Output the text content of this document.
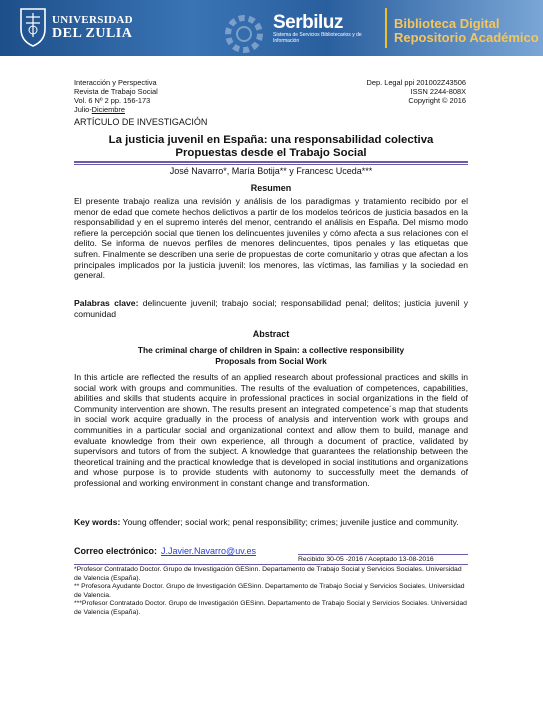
UNIVERSIDAD
DEL ZULIA
Serbiluz
Sistema de Servicios Bibliotecarios y de Información
Biblioteca Digital
Repositorio Académico
Interacción y Perspectiva
Revista de Trabajo Social
Vol. 6 Nº 2 pp. 156-173
Julio-Diciembre
Dep. Legal ppi 201002Z43506
ISSN 2244-808X
Copyright © 2016
ARTÍCULO DE INVESTIGACIÓN
La justicia juvenil en España: una responsabilidad colectiva
Propuestas desde el Trabajo Social
José Navarro*, María Botija** y Francesc Uceda***
Resumen
El presente trabajo realiza una revisión y análisis de los paradigmas y tratamiento recibido por el menor de edad que comete hechos delictivos a partir de los modelos teóricos de justicia basados en la responsabilidad y en el supremo interés del menor, centrando el análisis en España. Del mismo modo refiere la percepción social que tienen los delincuentes juveniles y cómo afecta a sus relaciones con el delito. Se informa de nuevos perfiles de menores delincuentes, tipos penales y las etiquetas que sufren. Finalmente se describen una serie de propuestas de corte comunitario y otras que afectan a los principales implicados por la justicia juvenil: los menores, las víctimas, las familias y la sociedad en general.
Palabras clave: delincuente juvenil; trabajo social; responsabilidad penal; delitos; justicia juvenil y comunidad
Abstract
The criminal charge of children in Spain: a collective responsibility
Proposals from Social Work
In this article are reflected the results of an applied research about professional practices and skills in social work with groups and communities. The results of the evaluation of competences, capabilities, abilities and skills that students acquire in professional practices in social organizations in the field of Community intervention are shown. The results present an integrated competence´s map that students in social work acquire gradually in the process of analysis and intervention work with groups and communities in a particular social and organizational context and allow them to build, manage and evaluate knowledge from their own experience, all through a document of practice, validated by supervisors and tutors of from the subject. A knowledge that guarantees the relationship between the theoretical training and the practical knowledge that is developed in social institutions and organizations and whose purpose is to provide students with autonomy to successfully meet the demands of professional and working environment in constant change and transformation.
Key words: Young offender; social work; penal responsibility; crimes; juvenile justice and community.
Correo electrónico: J.Javier.Navarro@uv.es
Recibido 30-05 -2016 / Aceptado 13-08-2016
*Profesor Contratado Doctor. Grupo de Investigación GESinn. Departamento de Trabajo Social y Servicios Sociales. Universidad de Valencia (España).
** Profesora Ayudante Doctor. Grupo de Investigación GESinn. Departamento de Trabajo Social y Servicios Sociales. Universidad de Valencia.
***Profesor Contratado Doctor. Grupo de Investigación GESinn. Departamento de Trabajo Social y Servicios Sociales. Universidad de Valencia (España).
